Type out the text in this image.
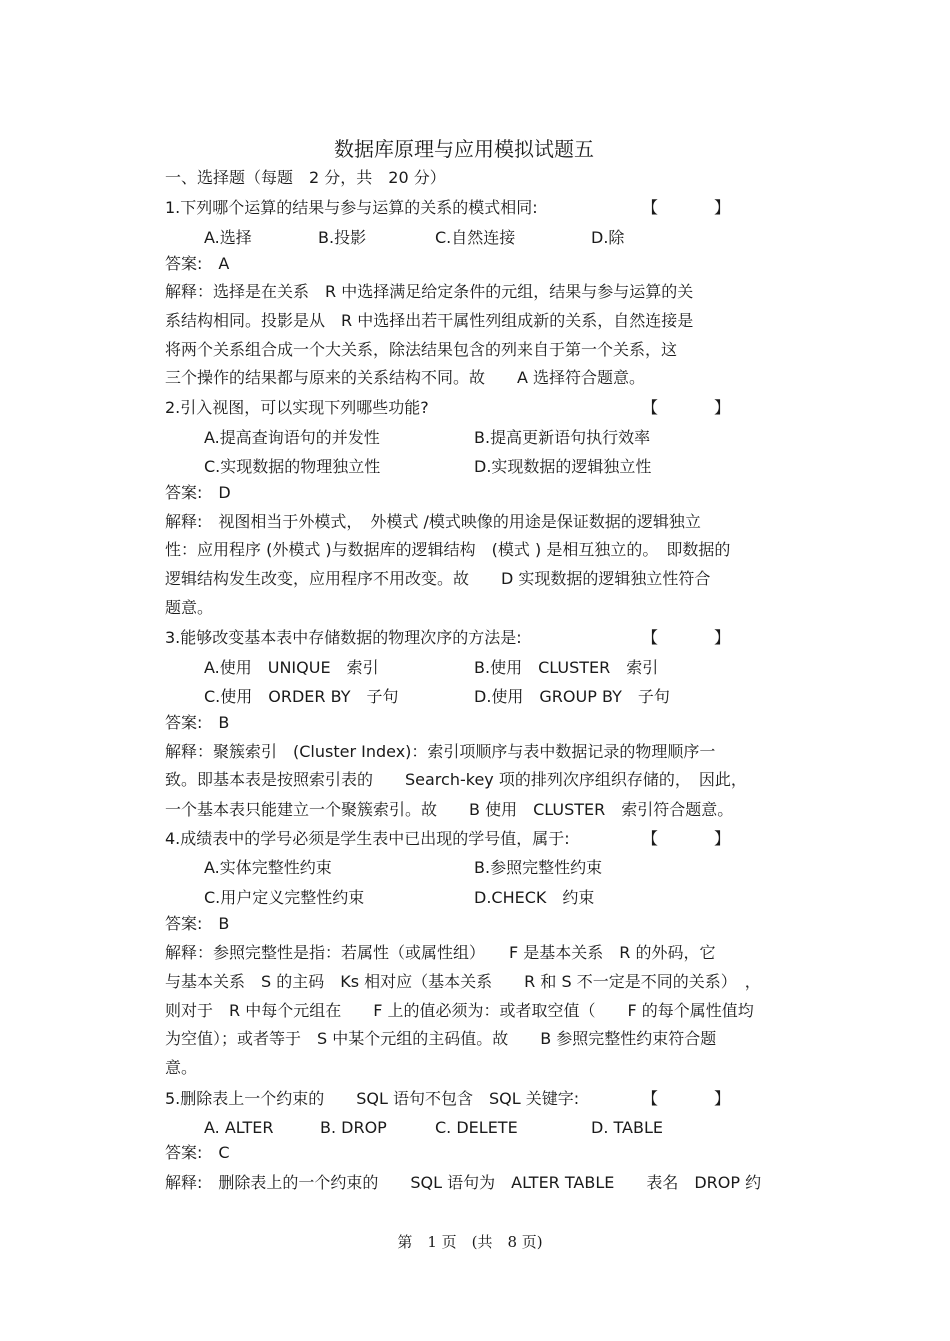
数据库原理与应用模拟试题五
一、选择题（每题　2 分，共　20 分）
1.下列哪个运算的结果与参与运算的关系的模式相同:	【　】
A.选择	B.投影	C.自然连接	D.除
答案:　A
解释：选择是在关系　R 中选择满足给定条件的元组，结果与参与运算的关
系结构相同。投影是从　R 中选择出若干属性列组成新的关系，自然连接是
将两个关系组合成一个大关系，除法结果包含的列来自于第一个关系，这
三个操作的结果都与原来的关系结构不同。故　　A 选择符合题意。
2.引入视图，可以实现下列哪些功能?	【　】
A.提高查询语句的并发性	B.提高更新语句执行效率
C.实现数据的物理独立性	D.实现数据的逻辑独立性
答案:　D
解释:　视图相当于外模式，　外模式 /模式映像的用途是保证数据的逻辑独立
性：应用程序 (外模式 )与数据库的逻辑结构　(模式 ) 是相互独立的。　即数据的
逻辑结构发生改变，应用程序不用改变。故　　D 实现数据的逻辑独立性符合
题意。
3.能够改变基本表中存储数据的物理次序的方法是:	【　】
A.使用　UNIQUE　索引	B.使用　CLUSTER　索引
C.使用　ORDER BY　子句	D.使用　GROUP BY　子句
答案:　B
解释：聚簇索引　(Cluster Index)：索引项顺序与表中数据记录的物理顺序一
致。即基本表是按照索引表的　　Search-key 项的排列次序组织存储的，　因此，
一个基本表只能建立一个聚簇索引。故　　B 使用　CLUSTER　索引符合题意。
4.成绩表中的学号必须是学生表中已出现的学号值，属于:	【　】
A.实体完整性约束	B.参照完整性约束
C.用户定义完整性约束	D.CHECK　约束
答案:　B
解释：参照完整性是指：若属性（或属性组）　　F 是基本关系　R 的外码，它
与基本关系　S 的主码　Ks 相对应（基本关系　　R 和 S 不一定是不同的关系）　，
则对于　R 中每个元组在　　F 上的值必须为：或者取空值（　　F 的每个属性值均
为空值）；或者等于　S 中某个元组的主码值。故　　B 参照完整性约束符合题
意。
5.删除表上一个约束的　　SQL 语句不包含　SQL 关键字:	【　】
A. ALTER	B. DROP	C. DELETE	D. TABLE
答案:　C
解释:　删除表上的一个约束的　　SQL 语句为　ALTER TABLE　　表名　DROP 约
第　1 页　(共　8 页)
